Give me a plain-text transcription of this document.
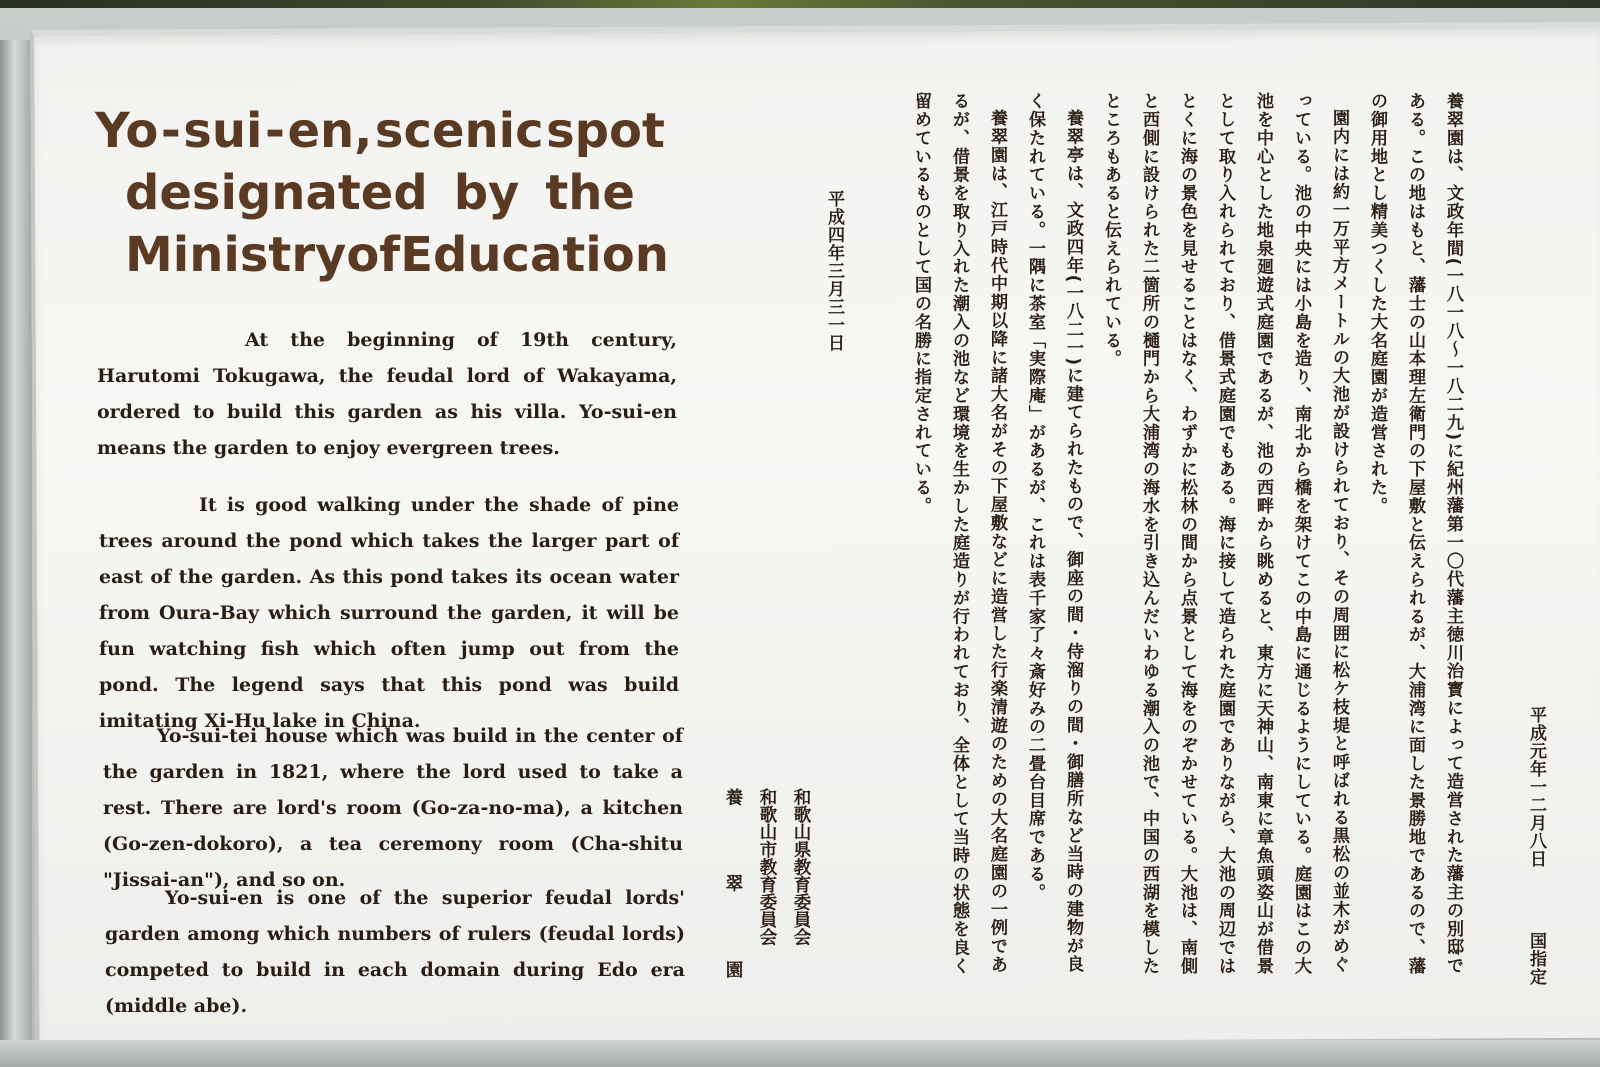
Yo - sui - en, scenic spot
designated by the
Ministry of Education

At the beginning of 19th century, Harutomi Tokugawa, the feudal lord of Wakayama, ordered to build this garden as his villa. Yo-sui-en means the garden to enjoy evergreen trees.

It is good walking under the shade of pine trees around the pond which takes the larger part of east of the garden. As this pond takes its ocean water from Oura-Bay which surround the garden, it will be fun watching fish which often jump out from the pond. The legend says that this pond was build imitating Xi-Hu lake in China.

Yo-sui-tei house which was build in the center of the garden in 1821, where the lord used to take a rest. There are lord's room (Go-za-no-ma), a kitchen (Go-zen-dokoro), a tea ceremony room (Cha-shitu "Jissai-an"), and so on.

Yo-sui-en is one of the superior feudal lords' garden among which numbers of rulers (feudal lords) competed to build in each domain during Edo era (middle abe).

和歌山県教育委員会
和歌山市教育委員会
養翠園
平成四年三月三一日	養翠園は、文政年間(一八一八〜一八二九)に紀州藩第一〇代藩主徳川治寳によって造営された藩主の別邸である。この地はもと、藩士の山本理左衛門の下屋敷と伝えられるが、大浦湾に面した景勝地であるので、藩の御用地とし精美つくした大名庭園が造営された。

園内には約一万平方メートルの大池が設けられており、その周囲に松ケ枝堤と呼ばれる黒松の並木がめぐっている。池の中央には小島を造り、南北から橋を架けてこの中島に通じるようにしている。庭園はこの大池を中心とした地泉廻遊式庭園であるが、池の西畔から眺めると、東方に天神山、南東に章魚頭姿山が借景として取り入れられており、借景式庭園でもある。海に接して造られた庭園でありながら、大池の周辺ではとくに海の景色を見せることはなく、わずかに松林の間から点景として海をのぞかせている。大池は、南側と西側に設けられた二箇所の樋門から大浦湾の海水を引き込んだいわゆる潮入の池で、中国の西湖を模したところもあると伝えられている。

養翠亭は、文政四年(一八二一)に建てられたもので、御座の間・侍溜りの間・御膳所など当時の建物が良く保たれている。一隅に茶室「実際庵」があるが、これは表千家了々斎好みの二畳台目席である。

養翠園は、江戸時代中期以降に諸大名がその下屋敷などに造営した行楽清遊のための大名庭園の一例であるが、借景を取り入れた潮入の池など環境を生かした庭造りが行われており、全体として当時の状態を良く留めているものとして国の名勝に指定されている。

平成元年一二月八日
国指定
